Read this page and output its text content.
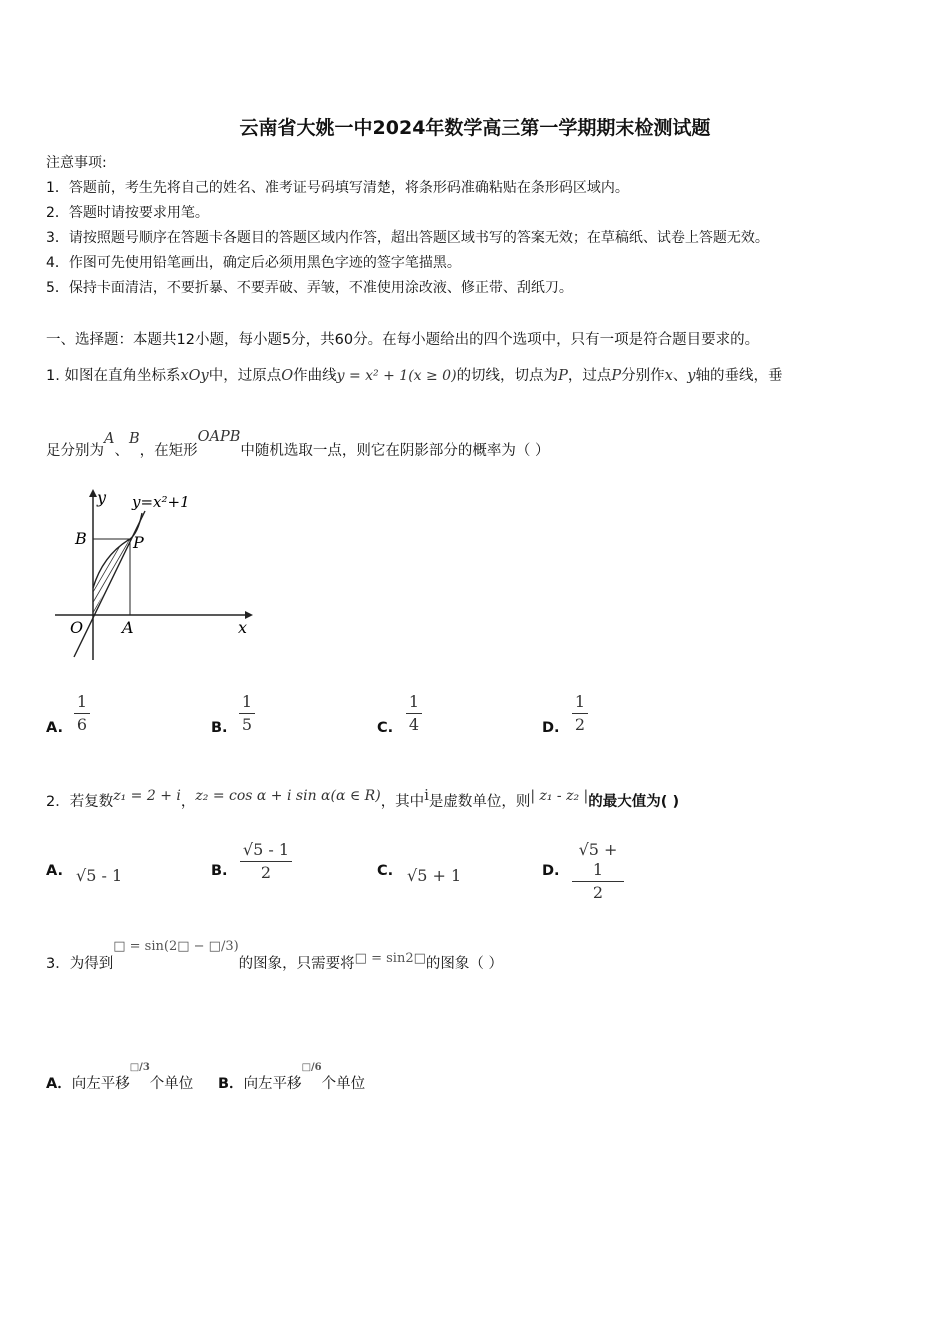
云南省大姚一中2024年数学高三第一学期期末检测试题
注意事项:
1．答题前，考生先将自己的姓名、准考证号码填写清楚，将条形码准确粘贴在条形码区域内。
2．答题时请按要求用笔。
3．请按照题号顺序在答题卡各题目的答题区域内作答，超出答题区域书写的答案无效；在草稿纸、试卷上答题无效。
4．作图可先使用铅笔画出，确定后必须用黑色字迹的签字笔描黑。
5．保持卡面清洁，不要折暴、不要弄破、弄皱，不准使用涂改液、修正带、刮纸刀。
一、选择题：本题共12小题，每小题5分，共60分。在每小题给出的四个选项中，只有一项是符合题目要求的。
1. 如图在直角坐标系xOy中，过原点O作曲线y = x² + 1(x ≥ 0)的切线，切点为P，过点P分别作x、y轴的垂线，垂
足分别为A、B，在矩形OAPB中随机选取一点，则它在阴影部分的概率为（ ）
y y=x²+1
B	P
O A	x
A.
1
6	B.
1
5	C.
1
4	D.
1
2
2．若复数z₁ = 2 + i，z₂ = cos α + i sin α(α ∈ R)，其中i是虚数单位，则| z₁ - z₂ |的最大值为( )
A. √5 - 1	B.
√5 - 1
2	C. √5 + 1	D.
√5 + 1
2
3．为得到□ = sin(2□ − □/3)的图象，只需要将□ = sin2□的图象（ ）
A．向左平移$^{□/3}$个单位 B．向左平移$^{□/6}$个单位
